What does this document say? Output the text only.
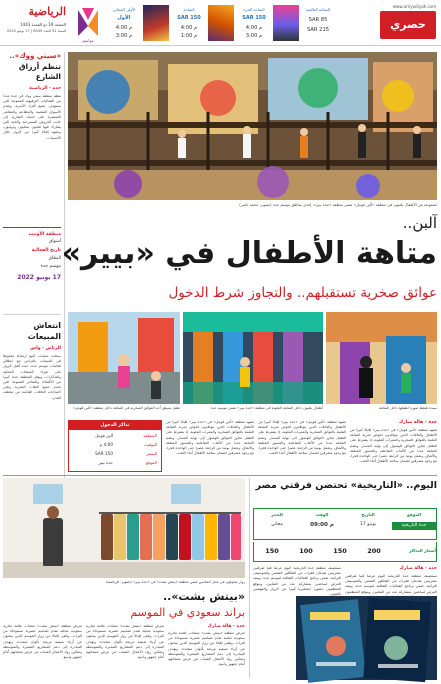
الرياضية
الجمعة 19 ذو القعدة 1443
السنة 52 العدد 8049 | 17 يونيو 2022
مواسم
الأولى المجاني
الأول
4:00 م
3:00 م
الساحة
SAR 150
4:00 م
1:00 م
الساحة الحرة
SAR 150
4:00 م
3:00 م
الساحة العالمية
SAR 85
SAR 215
www.arriyadiyah.com
حصري
«سيتي ووك»..
تنظم أرزاق الشارع
جدة - الرياضية
تنظم منطقة سيتي ووك في جدة عددا من الفعاليات الترفيهية المتنوعة التي تستهدف جميع أفراد الأسرة، وتقدم الأسواق الشعبية والمطاعم والمقاهي المنتشرة على امتداد الشارع، إلى جانب العروض المسرحية والحية التي يشارك فيها فنانون محليون ودوليون، وتشهد إقبالا كبيرا من الزوار خلال الأمسيات.
منطقة الأوتيت
أسواق
تاريخ الفعالية
النطاق
موسم جدة
17 يونيو 2022
انتعاش المبيعات
الرياض - واس
سجلت منصات البيع ارتفاعا ملحوظا في المبيعات بالتزامن مع انطلاق فعاليات موسم جدة، حيث أقبل الزوار على شراء المنتجات المحلية والتذكارات، وتوفر المنطقة عددا كبيرا من الأكشاك والمتاجر المتنوعة التي تخدم جميع الفئات العمرية وتلبي احتياجات العائلات القادمة من مختلف المدن.
مجموعة من الأطفال يلعبون في منطقة «آلين فوتيل» ضمن منطقة «جدة بيير»، إحدى مناطق موسم جدة (تصوير: محمد ناصر)
آلبن..
متاهة الأطفال في «بيير»
عوائق صخرية تستقبلهم.. والتجاوز شرط الدخول
طفل يتسلق أحد العوائق الصخرية في المتاهة داخل منطقة «آلين فوتيل»	أطفال يلعبون داخل المتاهة الملونة في منطقة «جدة بيير» ضمن موسم جدة	سيدة تلتقط صورة لطفلها داخل المتاهة
جدة - هالة مبارك
تشهد منطقة «آلين فوتيل» في «جدة بيير» إقبالا كبيرا من الأطفال والعائلات الذين يتوافدون لخوض تجربة المتاهة المليئة بالعوائق الصخرية والممرات الملونة، إذ يشترط على الطفل تجاوز العوائق للوصول إلى نهاية المسار. وتضم المتاهة عددا من الألعاب التفاعلية والجسور المعلقة والأنفاق، وتعمل يوميا من الرابعة عصرا حتى الواحدة فجرا، مع وجود مشرفين لضمان سلامة الأطفال أثناء اللعب.
تشهد منطقة «آلين فوتيل» في «جدة بيير» إقبالا كبيرا من الأطفال والعائلات الذين يتوافدون لخوض تجربة المتاهة المليئة بالعوائق الصخرية والممرات الملونة، إذ يشترط على الطفل تجاوز العوائق للوصول إلى نهاية المسار. وتضم المتاهة عددا من الألعاب التفاعلية والجسور المعلقة والأنفاق، وتعمل يوميا من الرابعة عصرا حتى الواحدة فجرا، مع وجود مشرفين لضمان سلامة الأطفال أثناء اللعب.
تشهد منطقة «آلين فوتيل» في «جدة بيير» إقبالا كبيرا من الأطفال والعائلات الذين يتوافدون لخوض تجربة المتاهة المليئة بالعوائق الصخرية والممرات الملونة، إذ يشترط على الطفل تجاوز العوائق للوصول إلى نهاية المسار. وتضم المتاهة عددا من الألعاب التفاعلية والجسور المعلقة والأنفاق، وتعمل يوميا من الرابعة عصرا حتى الواحدة فجرا، مع وجود مشرفين لضمان سلامة الأطفال أثناء اللعب.
تذاكر الدخول
المنطقة
آلين فوتيل
التوقيت
4:00 م
السعر
SAR 150
الموقع
جدة بيير
زوار يتجولون في محل الملابس ضمن منطقة «بيتش بشت» في «جدة بيير» (تصوير: الرياضية)
«بيتش بشت»..
براند سعودي في الموسم
جدة - هالة مبارك
تعرض منطقة «بيتش بشت» منتجات علامة تجارية سعودية محلية تقدم تصاميم عصرية مستوحاة من التراث، وتلقى إقبالا من زوار الموسم الذين يبحثون عن أزياء صيفية مريحة بألوان متعددة، وتهدف المبادرة إلى دعم المشاريع الصغيرة والمتوسطة وتمكين رواد الأعمال الشباب من عرض منتجاتهم أمام جمهور واسع.
تعرض منطقة «بيتش بشت» منتجات علامة تجارية سعودية محلية تقدم تصاميم عصرية مستوحاة من التراث، وتلقى إقبالا من زوار الموسم الذين يبحثون عن أزياء صيفية مريحة بألوان متعددة، وتهدف المبادرة إلى دعم المشاريع الصغيرة والمتوسطة وتمكين رواد الأعمال الشباب من عرض منتجاتهم أمام جمهور واسع.
تعرض منطقة «بيتش بشت» منتجات علامة تجارية سعودية محلية تقدم تصاميم عصرية مستوحاة من التراث، وتلقى إقبالا من زوار الموسم الذين يبحثون عن أزياء صيفية مريحة بألوان متعددة، وتهدف المبادرة إلى دعم المشاريع الصغيرة والمتوسطة وتمكين رواد الأعمال الشباب من عرض منتجاتهم أمام جمهور واسع.
اليوم.. «التاريخية» تحتضن فرقتي مصر
الموقع
جدة التاريخية
التاريخ
17 يونيو
الوقت
09:00 م
الحجز
مجاني
أسعار التذاكر
200
150
100
150
جدة - هالة مبارك
تستضيف منطقة جدة التاريخية اليوم عرضا فنيا لفرقتين مصريتين تقدمان فقرات من الفلكلور الشعبي والموسيقى التراثية، ضمن برنامج الفعاليات الثقافية لموسم جدة، ويمتد العرض لساعتين بمشاركة عدد من الفنانين، ويتوقع المنظمون
تستضيف منطقة جدة التاريخية اليوم عرضا فنيا لفرقتين مصريتين تقدمان فقرات من الفلكلور الشعبي والموسيقى التراثية، ضمن برنامج الفعاليات الثقافية لموسم جدة، ويمتد العرض لساعتين بمشاركة عدد من الفنانين، ويتوقع المنظمون حضورا جماهيريا كبيرا من الزوار والمهتمين بالفنون.
